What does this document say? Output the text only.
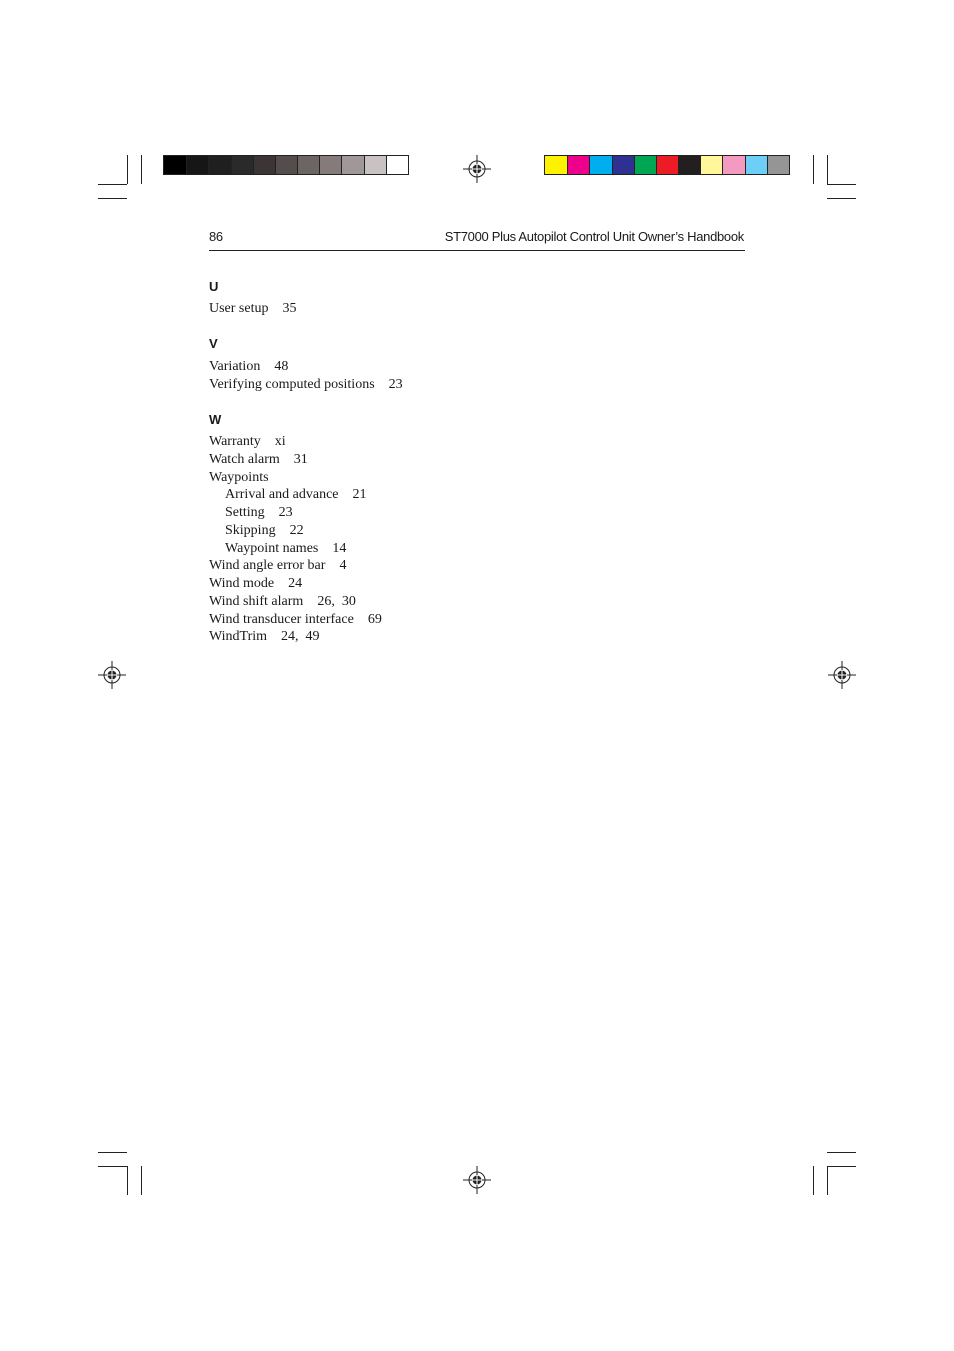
86	ST7000 Plus Autopilot Control Unit Owner’s Handbook
U
User setup 35
V
Variation 48
Verifying computed positions 23
W
Warranty xi
Watch alarm 31
Waypoints
Arrival and advance 21
Setting 23
Skipping 22
Waypoint names 14
Wind angle error bar 4
Wind mode 24
Wind shift alarm 26,  30
Wind transducer interface 69
WindTrim 24,  49
